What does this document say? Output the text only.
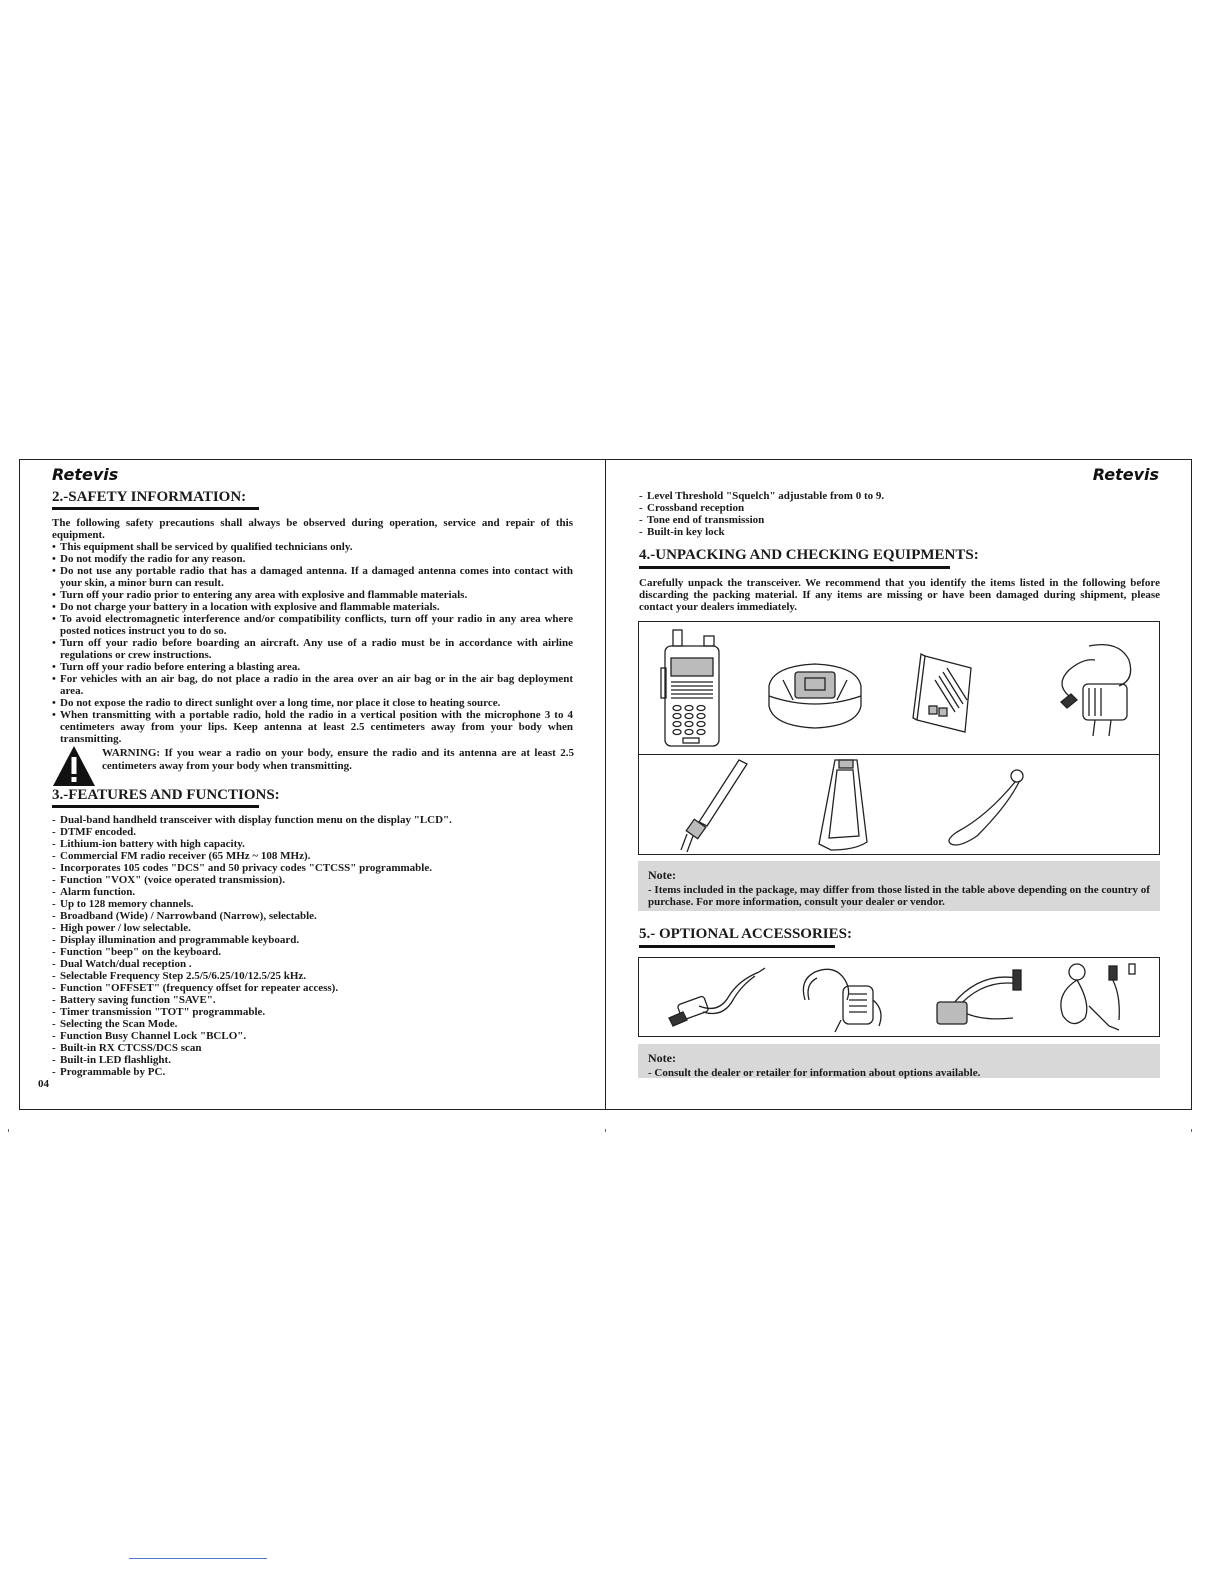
Retevis
2.-SAFETY INFORMATION:

The following safety precautions shall always be observed during operation, service and repair of this equipment.

• This equipment shall be serviced by qualified technicians only.
• Do not modify the radio for any reason.
• Do not use any portable radio that has a damaged antenna. If a damaged antenna comes into contact with your skin, a minor burn can result.
• Turn off your radio prior to entering any area with explosive and flammable materials.
• Do not charge your battery in a location with explosive and flammable materials.
• To avoid electromagnetic interference and/or compatibility conflicts, turn off your radio in any area where posted notices instruct you to do so.
• Turn off your radio before boarding an aircraft. Any use of a radio must be in accordance with airline regulations or crew instructions.
• Turn off your radio before entering a blasting area.
• For vehicles with an air bag, do not place a radio in the area over an air bag or in the air bag deployment area.
• Do not expose the radio to direct sunlight over a long time, nor place it close to heating source.
• When transmitting with a portable radio, hold the radio in a vertical position with the microphone 3 to 4 centimeters away from your lips. Keep antenna at least 2.5 centimeters away from your body when transmitting.

WARNING: If you wear a radio on your body, ensure the radio and its antenna are at least 2.5 centimeters away from your body when transmitting.

3.-FEATURES AND FUNCTIONS:
- Dual-band handheld transceiver with display function menu on the display "LCD".
- DTMF encoded.
- Lithium-ion battery with high capacity.
- Commercial FM radio receiver (65 MHz ~ 108 MHz).
- Incorporates 105 codes "DCS" and 50 privacy codes "CTCSS" programmable.
- Function "VOX" (voice operated transmission).
- Alarm function.
- Up to 128 memory channels.
- Broadband (Wide) / Narrowband (Narrow), selectable.
- High power / low selectable.
- Display illumination and programmable keyboard.
- Function "beep" on the keyboard.
- Dual Watch/dual reception .
- Selectable Frequency Step 2.5/5/6.25/10/12.5/25 kHz.
- Function "OFFSET" (frequency offset for repeater access).
- Battery saving function "SAVE".
- Timer transmission "TOT" programmable.
- Selecting the Scan Mode.
- Function Busy Channel Lock "BCLO".
- Built-in RX CTCSS/DCS scan
- Built-in LED flashlight.
- Programmable by PC.
04
Retevis
- Level Threshold "Squelch" adjustable from 0 to 9.
- Crossband reception
- Tone end of transmission
- Built-in key lock
4.-UNPACKING AND CHECKING EQUIPMENTS:

Carefully unpack the transceiver. We recommend that you identify the items listed in the following before discarding the packing material. If any items are missing or have been damaged during shipment, please contact your dealers immediately.

Note:

- Items included in the package, may differ from those listed in the table above depending on the country of purchase. For more information, consult your dealer or vendor.

5.- OPTIONAL ACCESSORIES:

Note:

- Consult the dealer or retailer for information about options available.
